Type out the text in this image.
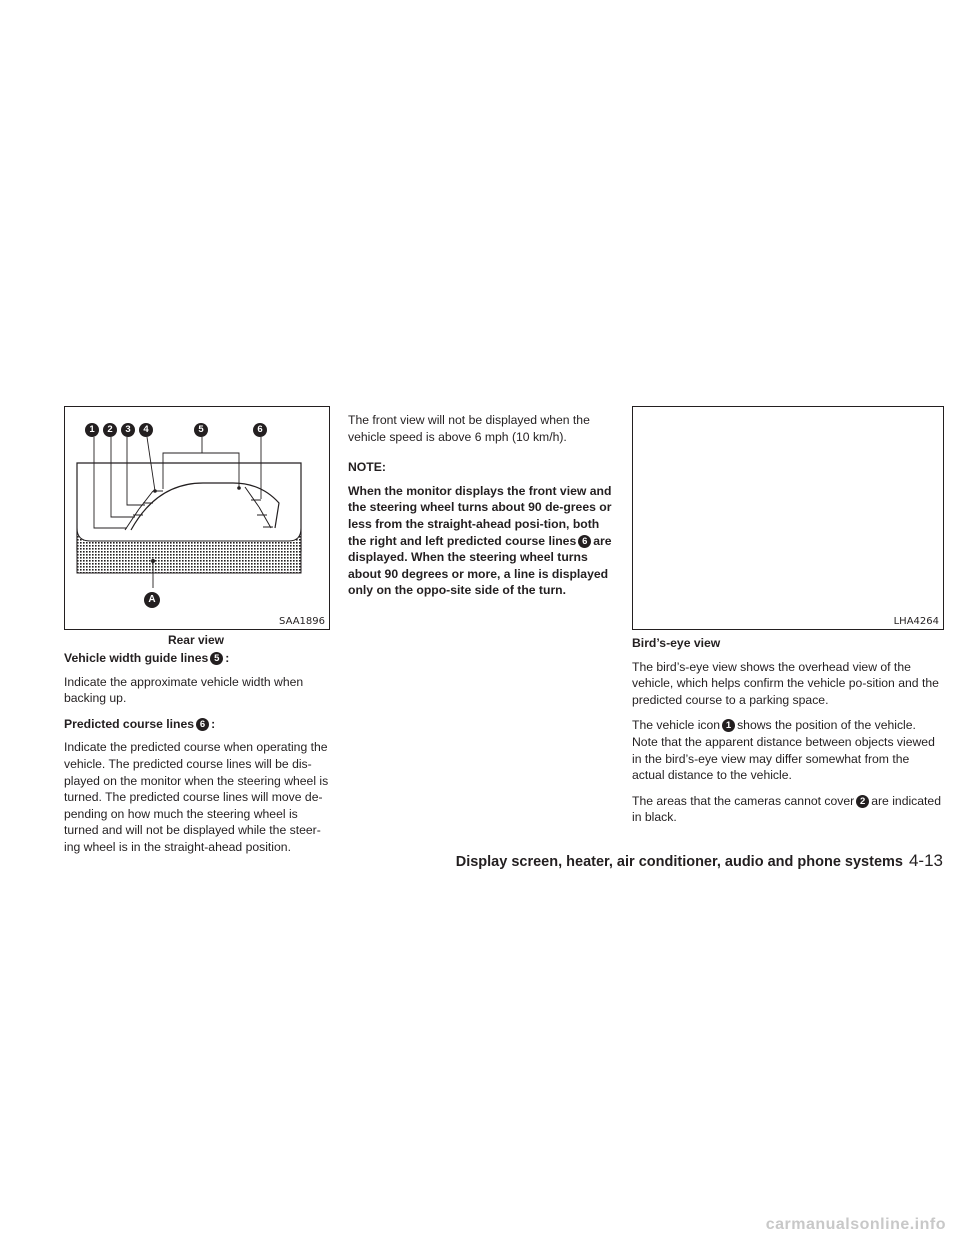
1	2	3	4	5	6
A
SAA1896
Rear view
LHA4264

Vehicle width guide lines 5 :

Indicate the approximate vehicle width when backing up.

Predicted course lines 6 :

Indicate the predicted course when operating the vehicle. The predicted course lines will be dis-played on the monitor when the steering wheel is turned. The predicted course lines will move de-pending on how much the steering wheel is turned and will not be displayed while the steer-ing wheel is in the straight-ahead position.

The front view will not be displayed when the vehicle speed is above 6 mph (10 km/h).

NOTE:

When the monitor displays the front view and the steering wheel turns about 90 de-grees or less from the straight-ahead posi-tion, both the right and left predicted course lines 6 are displayed. When the steering wheel turns about 90 degrees or more, a line is displayed only on the oppo-site side of the turn.

Bird’s-eye view

The bird’s-eye view shows the overhead view of the vehicle, which helps confirm the vehicle po-sition and the predicted course to a parking space.

The vehicle icon 1 shows the position of the vehicle. Note that the apparent distance between objects viewed in the bird’s-eye view may differ somewhat from the actual distance to the vehicle.

The areas that the cameras cannot cover 2 are indicated in black.

Display screen, heater, air conditioner, audio and phone systems 4-13
carmanualsonline.info
